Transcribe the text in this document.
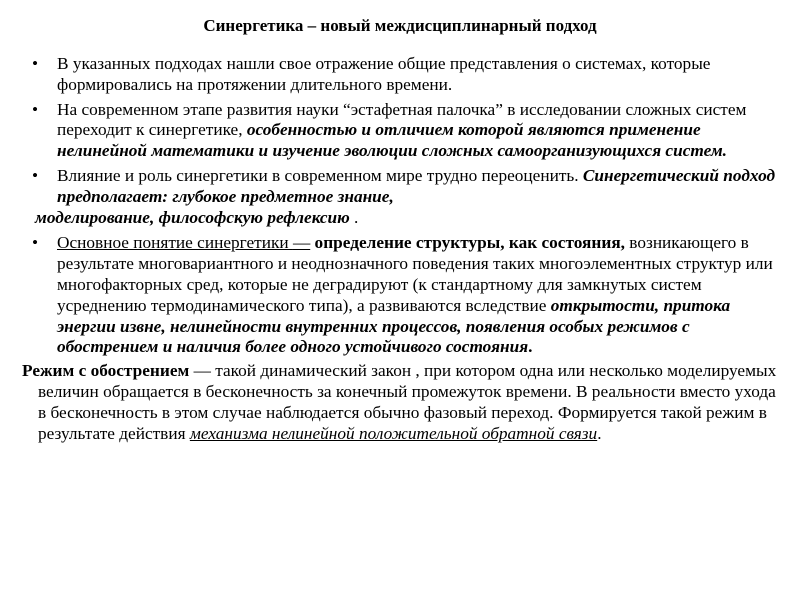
Синергетика – новый междисциплинарный подход
• В указанных подходах нашли свое отражение общие представления о системах, которые формировались на протяжении длительного времени.
• На современном этапе развития науки “эстафетная палочка” в исследовании сложных систем переходит к синергетике, особенностью и отличием которой являются применение нелинейной математики и изучение эволюции сложных самоорганизующихся систем.
• Влияние и роль синергетики в современном мире трудно переоценить. Синергетический подход предполагает: глубокое предметное знание,
моделирование, философскую рефлексию .
• Основное понятие синергетики — определение структуры, как состояния, возникающего в результате многовариантного и неоднозначного поведения таких многоэлементных структур или многофакторных сред, которые не деградируют (к стандартному для замкнутых систем усреднению термодинамического типа), а развиваются вследствие открытости, притока энергии извне, нелинейности внутренних процессов, появления особых режимов с обострением и наличия более одного устойчивого состояния.
Режим с обострением — такой динамический закон , при котором одна или несколько моделируемых величин обращается в бесконечность за конечный промежуток времени. В реальности вместо ухода в бесконечность в этом случае наблюдается обычно фазовый переход. Формируется такой режим в результате действия механизма нелинейной положительной обратной связи.
